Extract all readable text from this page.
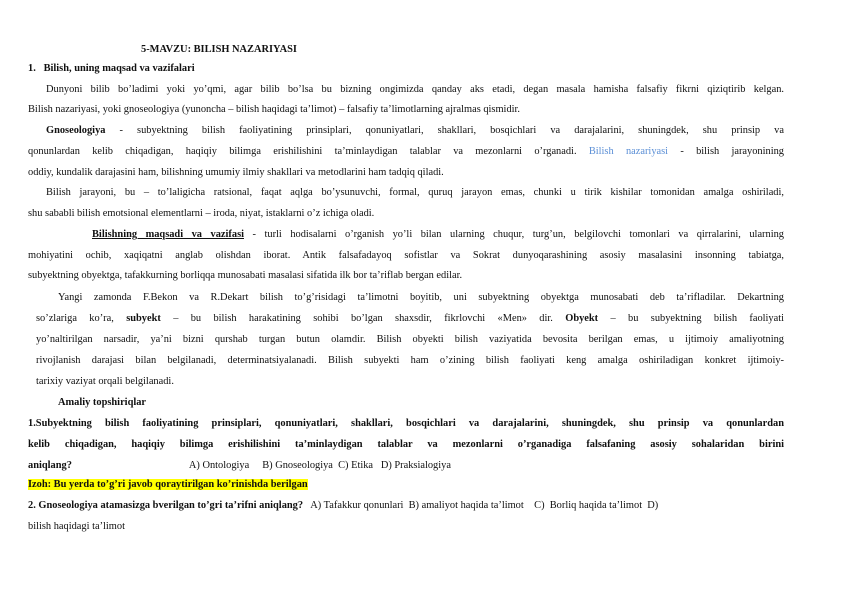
5-MAVZU: BILISH NAZARIYASI
1. Bilish, uning maqsad va vazifalari
Dunyoni bilib bo’ladimi yoki yo’qmi, agar bilib bo’lsa bu bizning ongimizda qanday aks etadi, degan masala hamisha falsafiy fikrni qiziqtirib kelgan.
Bilish nazariyasi, yoki gnoseologiya (yunoncha – bilish haqidagi ta’limot) – falsafiy ta’limotlarning ajralmas qismidir.
Gnoseologiya - subyektning bilish faoliyatining prinsiplari, qonuniyatlari, shakllari, bosqichlari va darajalarini, shuningdek, shu prinsip va
qonunlardan kelib chiqadigan, haqiqiy bilimga erishilishini ta’minlaydigan talablar va mezonlarni o’rganadi. Bilish nazariyasi - bilish jarayonining
oddiy, kundalik darajasini ham, bilishning umumiy ilmiy shakllari va metodlarini ham tadqiq qiladi.
Bilish jarayoni, bu – to’laligicha ratsional, faqat aqlga bo’ysunuvchi, formal, quruq jarayon emas, chunki u tirik kishilar tomonidan amalga oshiriladi,
shu sababli bilish emotsional elementlarni – iroda, niyat, istaklarni o’z ichiga oladi.
Bilishning maqsadi va vazifasi - turli hodisalarni o’rganish yo’li bilan ularning chuqur, turg’un, belgilovchi tomonlari va qirralarini, ularning
mohiyatini ochib, xaqiqatni anglab olishdan iborat. Antik falsafadayoq sofistlar va Sokrat dunyoqarashining asosiy masalasini insonning tabiatga,
subyektning obyektga, tafakkurning borliqqa munosabati masalasi sifatida ilk bor ta’riflab bergan edilar.
Yangi zamonda F.Bekon va R.Dekart bilish to’g’risidagi ta’limotni boyitib, uni subyektning obyektga munosabati deb ta’rifladilar. Dekartning
so’zlariga ko’ra, subyekt – bu bilish harakatining sohibi bo’lgan shaxsdir, fikrlovchi «Men» dir. Obyekt – bu subyektning bilish faoliyati
yo’naltirilgan narsadir, ya’ni bizni qurshab turgan butun olamdir. Bilish obyekti bilish vaziyatida bevosita berilgan emas, u ijtimoiy amaliyotning
rivojlanish darajasi bilan belgilanadi, determinatsiyalanadi. Bilish subyekti ham o’zining bilish faoliyati keng amalga oshiriladigan konkret ijtimoiy-
tarixiy vaziyat orqali belgilanadi.
Amaliy topshiriqlar
1.Subyektning bilish faoliyatining prinsiplari, qonuniyatlari, shakllari, bosqichlari va darajalarini, shuningdek, shu prinsip va qonunlardan
kelib chiqadigan, haqiqiy bilimga erishilishini ta’minlaydigan talablar va mezonlarni o’rganadiga falsafaning asosiy sohalaridan birini
aniqlang?	A) Ontologiya     B) Gnoseologiya  C) Etika   D) Praksialogiya
Izoh: Bu yerda to’g’ri javob qoraytirilgan ko’rinishda berilgan
2. Gnoseologiya atamasizga bverilgan to’gri ta’rifni aniqlang?   A) Tafakkur qonunlari  B) amaliyot haqida ta’limot    C)  Borliq haqida ta’limot  D)
bilish haqidagi ta’limot
